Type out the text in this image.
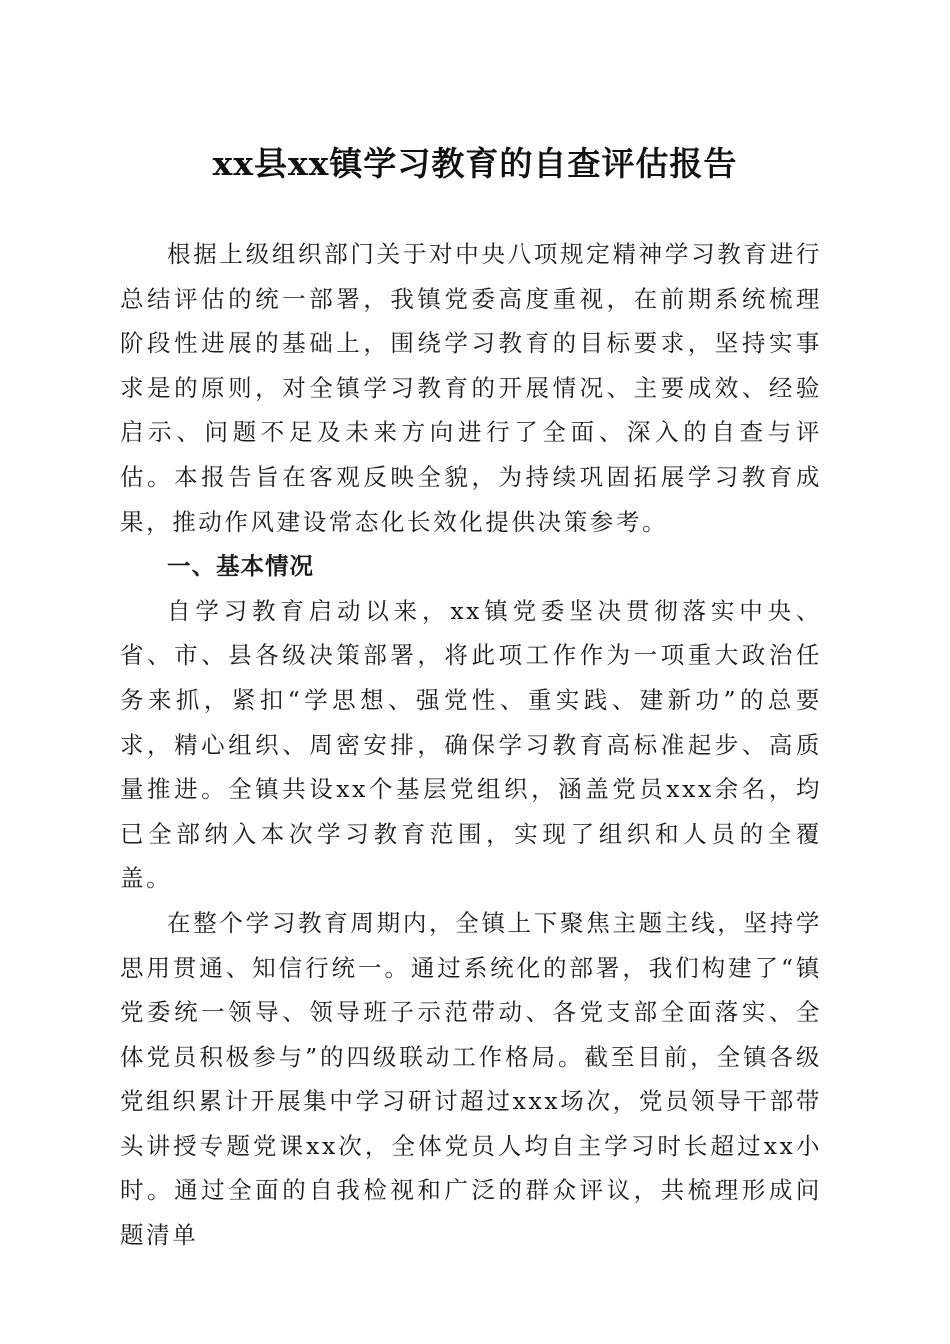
xx县xx镇学习教育的自查评估报告

根据上级组织部门关于对中央八项规定精神学习教育进行总结评估的统一部署，我镇党委高度重视，在前期系统梳理阶段性进展的基础上，围绕学习教育的目标要求，坚持实事求是的原则，对全镇学习教育的开展情况、主要成效、经验启示、问题不足及未来方向进行了全面、深入的自查与评估。本报告旨在客观反映全貌，为持续巩固拓展学习教育成果，推动作风建设常态化长效化提供决策参考。

一、基本情况

自学习教育启动以来，xx镇党委坚决贯彻落实中央、省、市、县各级决策部署，将此项工作作为一项重大政治任务来抓，紧扣“学思想、强党性、重实践、建新功”的总要求，精心组织、周密安排，确保学习教育高标准起步、高质量推进。全镇共设xx个基层党组织，涵盖党员xxx余名，均已全部纳入本次学习教育范围，实现了组织和人员的全覆盖。

在整个学习教育周期内，全镇上下聚焦主题主线，坚持学思用贯通、知信行统一。通过系统化的部署，我们构建了“镇党委统一领导、领导班子示范带动、各党支部全面落实、全体党员积极参与”的四级联动工作格局。截至目前，全镇各级党组织累计开展集中学习研讨超过xxx场次，党员领导干部带头讲授专题党课xx次，全体党员人均自主学习时长超过xx小时。通过全面的自我检视和广泛的群众评议，共梳理形成问题清单
